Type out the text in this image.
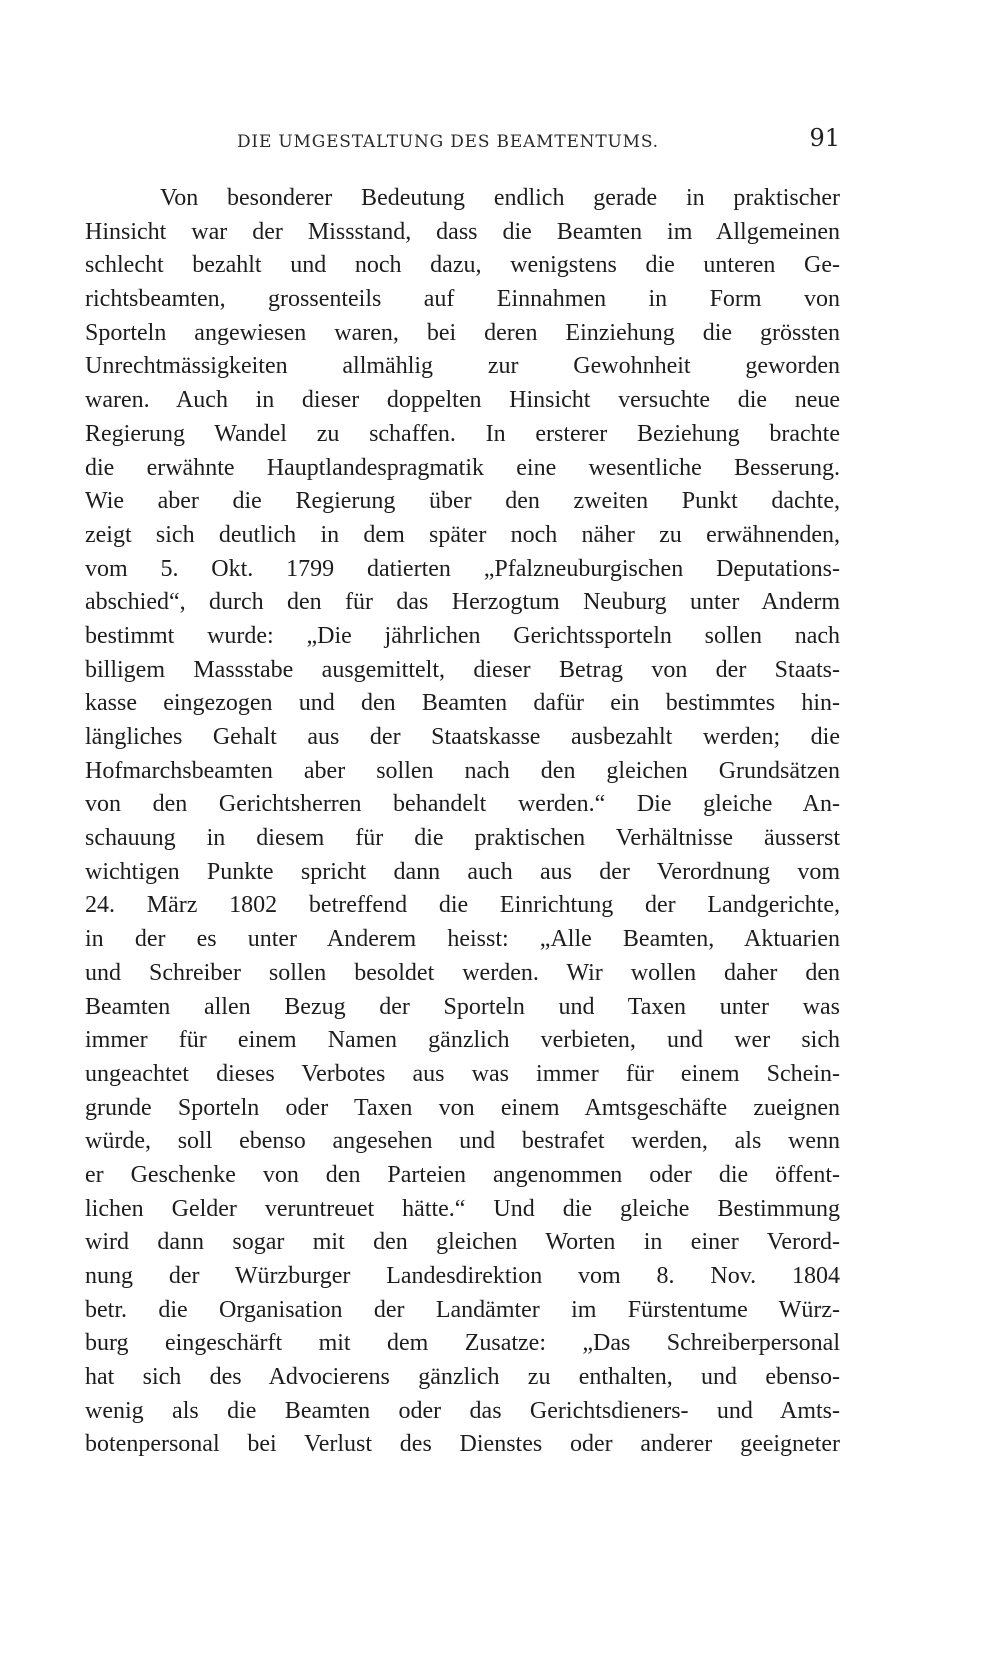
DIE UMGESTALTUNG DES BEAMTENTUMS.	91
Von besonderer Bedeutung endlich gerade in praktischer
Hinsicht war der Missstand, dass die Beamten im Allgemeinen
schlecht bezahlt und noch dazu, wenigstens die unteren Ge-
richtsbeamten, grossenteils auf Einnahmen in Form von
Sporteln angewiesen waren, bei deren Einziehung die grössten
Unrechtmässigkeiten allmählig zur Gewohnheit geworden
waren. Auch in dieser doppelten Hinsicht versuchte die neue
Regierung Wandel zu schaffen. In ersterer Beziehung brachte
die erwähnte Hauptlandespragmatik eine wesentliche Besserung.
Wie aber die Regierung über den zweiten Punkt dachte,
zeigt sich deutlich in dem später noch näher zu erwähnenden,
vom 5. Okt. 1799 datierten „Pfalzneuburgischen Deputations-
abschied“, durch den für das Herzogtum Neuburg unter Anderm
bestimmt wurde: „Die jährlichen Gerichtssporteln sollen nach
billigem Massstabe ausgemittelt, dieser Betrag von der Staats-
kasse eingezogen und den Beamten dafür ein bestimmtes hin-
längliches Gehalt aus der Staatskasse ausbezahlt werden; die
Hofmarchsbeamten aber sollen nach den gleichen Grundsätzen
von den Gerichtsherren behandelt werden.“ Die gleiche An-
schauung in diesem für die praktischen Verhältnisse äusserst
wichtigen Punkte spricht dann auch aus der Verordnung vom
24. März 1802 betreffend die Einrichtung der Landgerichte,
in der es unter Anderem heisst: „Alle Beamten, Aktuarien
und Schreiber sollen besoldet werden. Wir wollen daher den
Beamten allen Bezug der Sporteln und Taxen unter was
immer für einem Namen gänzlich verbieten, und wer sich
ungeachtet dieses Verbotes aus was immer für einem Schein-
grunde Sporteln oder Taxen von einem Amtsgeschäfte zueignen
würde, soll ebenso angesehen und bestrafet werden, als wenn
er Geschenke von den Parteien angenommen oder die öffent-
lichen Gelder veruntreuet hätte.“ Und die gleiche Bestimmung
wird dann sogar mit den gleichen Worten in einer Verord-
nung der Würzburger Landesdirektion vom 8. Nov. 1804
betr. die Organisation der Landämter im Fürstentume Würz-
burg eingeschärft mit dem Zusatze: „Das Schreiberpersonal
hat sich des Advocierens gänzlich zu enthalten, und ebenso-
wenig als die Beamten oder das Gerichtsdieners- und Amts-
botenpersonal bei Verlust des Dienstes oder anderer geeigneter
